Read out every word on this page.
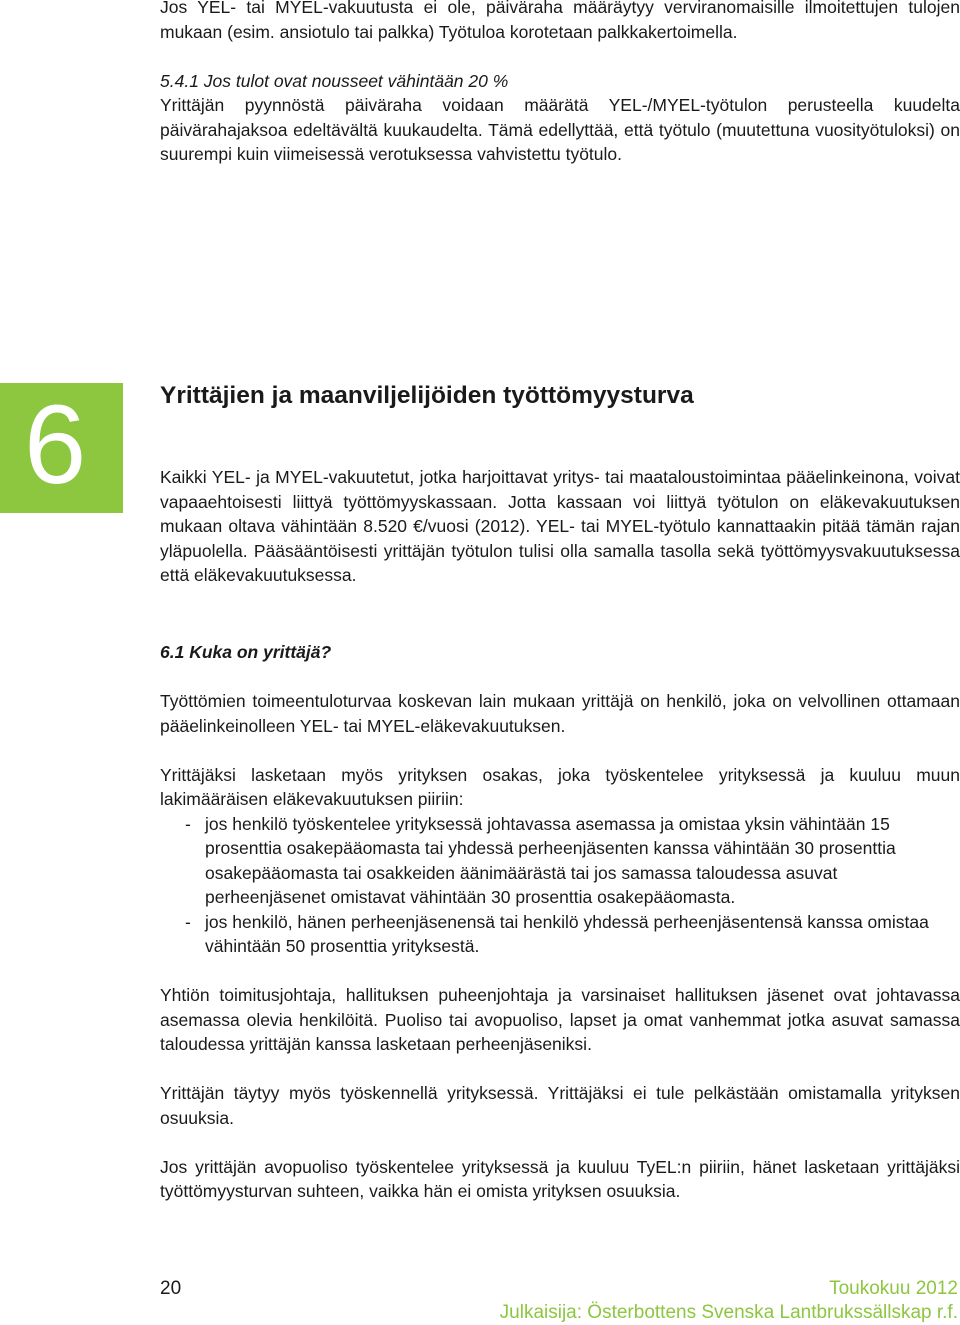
Jos YEL- tai MYEL-vakuutusta ei ole, päiväraha määräytyy verviranomaisille ilmoitettujen tulojen mukaan (esim. ansiotulo tai palkka) Työtuloa korotetaan palkkakertoimella.

5.4.1 Jos tulot ovat nousseet vähintään 20 %

Yrittäjän pyynnöstä päiväraha voidaan määrätä YEL-/MYEL-työtulon perusteella kuudelta päivärahajaksoa edeltävältä kuukaudelta. Tämä edellyttää, että työtulo (muutettuna vuosityötuloksi) on suurempi kuin viimeisessä verotuksessa vahvistettu työtulo.

6	Yrittäjien ja maanviljelijöiden työttömyysturva

Kaikki YEL- ja MYEL-vakuutetut, jotka harjoittavat yritys- tai maataloustoimintaa pääelinkeinona, voivat vapaaehtoisesti liittyä työttömyyskassaan. Jotta kassaan voi liittyä työtulon on eläkevakuutuksen mukaan oltava vähintään 8.520 €/vuosi (2012). YEL- tai MYEL-työtulo kannattaakin pitää tämän rajan yläpuolella. Pääsääntöisesti yrittäjän työtulon tulisi olla samalla tasolla sekä työttömyysvakuutuksessa että eläkevakuutuksessa.

6.1 Kuka on yrittäjä?

Työttömien toimeentuloturvaa koskevan lain mukaan yrittäjä on henkilö, joka on velvollinen ottamaan pääelinkeinolleen YEL- tai MYEL-eläkevakuutuksen.

Yrittäjäksi lasketaan myös yrityksen osakas, joka työskentelee yrityksessä ja kuuluu muun lakimääräisen eläkevakuutuksen piiriin:

- jos henkilö työskentelee yrityksessä johtavassa asemassa ja omistaa yksin vähintään 15 prosenttia osakepääomasta tai yhdessä perheenjäsenten kanssa vähintään 30 prosenttia osakepääomasta tai osakkeiden äänimäärästä tai jos samassa taloudessa asuvat perheenjäsenet omistavat vähintään 30 prosenttia osakepääomasta.
- jos henkilö, hänen perheenjäsenensä tai henkilö yhdessä perheenjäsentensä kanssa omistaa vähintään 50 prosenttia yrityksestä.

Yhtiön toimitusjohtaja, hallituksen puheenjohtaja ja varsinaiset hallituksen jäsenet ovat johtavassa asemassa olevia henkilöitä. Puoliso tai avopuoliso, lapset ja omat vanhemmat jotka asuvat samassa taloudessa yrittäjän kanssa lasketaan perheenjäseniksi.

Yrittäjän täytyy myös työskennellä yrityksessä. Yrittäjäksi ei tule pelkästään omistamalla yrityksen osuuksia.

Jos yrittäjän avopuoliso työskentelee yrityksessä ja kuuluu TyEL:n piiriin, hänet lasketaan yrittäjäksi työttömyysturvan suhteen, vaikka hän ei omista yrityksen osuuksia.

20	Toukokuu 2012
Julkaisija: Österbottens Svenska Lantbrukssällskap r.f.
